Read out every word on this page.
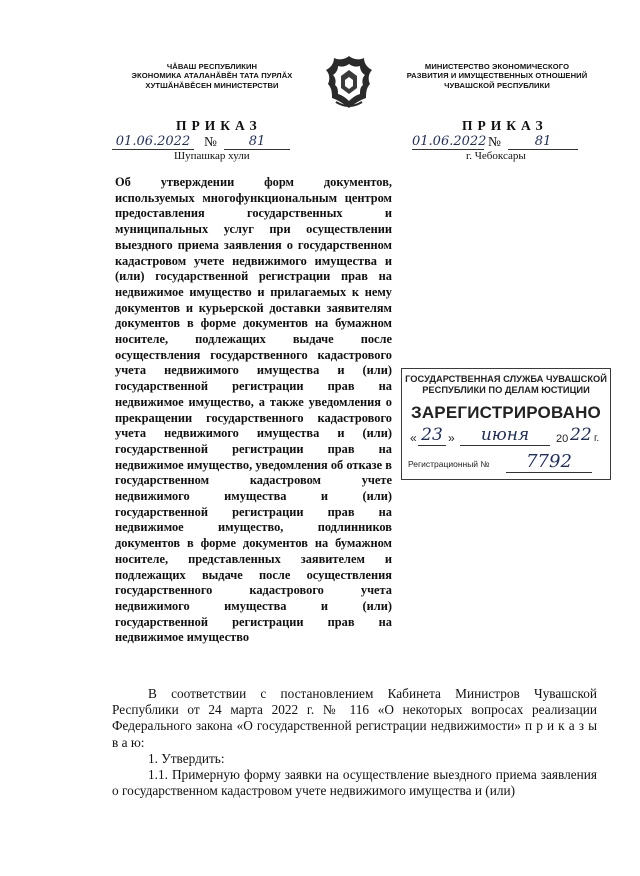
ЧĂВАШ РЕСПУБЛИКИН
ЭКОНОМИКА АТАЛАНĂВĔН ТАТА ПУРЛĂХ
ХУТШĂНĂВĔСЕН МИНИСТЕРСТВИ
МИНИСТЕРСТВО ЭКОНОМИЧЕСКОГО
РАЗВИТИЯ И ИМУЩЕСТВЕННЫХ ОТНОШЕНИЙ
ЧУВАШСКОЙ РЕСПУБЛИКИ
ПРИКАЗ
01.06.2022 №	81
Шупашкар хули
ПРИКАЗ
01.06.2022 №	81
г. Чебоксары
Об утверждении форм документов, используемых многофункциональным центром предоставления государственных и муниципальных услуг при осуществлении выездного приема заявления о государственном кадастровом учете недвижимого имущества и (или) государственной регистрации прав на недвижимое имущество и прилагаемых к нему документов и курьерской доставки заявителям документов в форме документов на бумажном носителе, подлежащих выдаче после осуществления государственного кадастрового учета недвижимого имущества и (или) государственной регистрации прав на недвижимое имущество, а также уведомления о прекращении государственного кадастрового учета недвижимого имущества и (или) государственной регистрации прав на недвижимое имущество, уведомления об отказе в государственном кадастровом учете недвижимого имущества и (или) государственной регистрации прав на недвижимое имущество, подлинников документов в форме документов на бумажном носителе, представленных заявителем и подлежащих выдаче после осуществления государственного кадастрового учета недвижимого имущества и (или) государственной регистрации прав на недвижимое имущество
ГОСУДАРСТВЕННАЯ СЛУЖБА ЧУВАШСКОЙ
РЕСПУБЛИКИ ПО ДЕЛАМ ЮСТИЦИИ
ЗАРЕГИСТРИРОВАНО
« 23 »	июня	20 22 г.
Регистрационный №	7792
В соответствии с постановлением Кабинета Министров Чувашской Республики от 24 марта 2022 г. № 116 «О некоторых вопросах реализации Федерального закона «О государственной регистрации недвижимости» п р и к а з ы в а ю:
1. Утвердить:
1.1. Примерную форму заявки на осуществление выездного приема заявления о государственном кадастровом учете недвижимого имущества и (или)
